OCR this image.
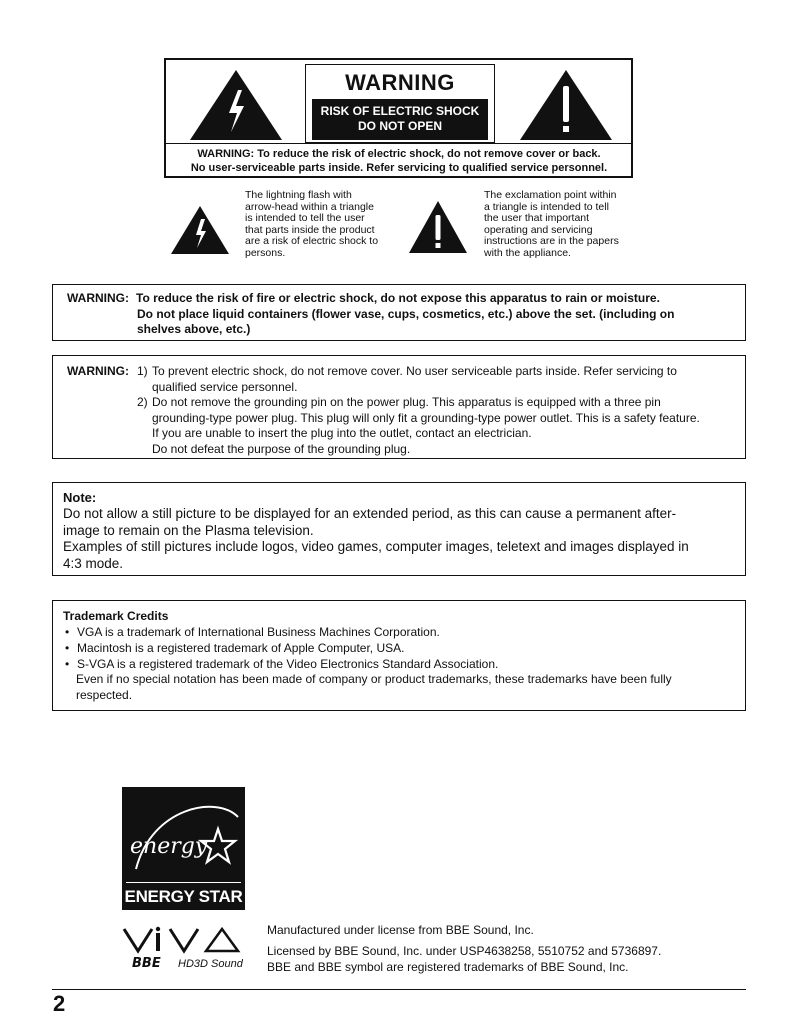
WARNING
RISK OF ELECTRIC SHOCK
DO NOT OPEN
WARNING: To reduce the risk of electric shock, do not remove cover or back.
No user-serviceable parts inside. Refer servicing to qualified service personnel.
The lightning flash with
arrow-head within a triangle
is intended to tell the user
that parts inside the product
are a risk of electric shock to
persons.
The exclamation point within
a triangle is intended to tell
the user that important
operating and servicing
instructions are in the papers
with the appliance.
WARNING: To reduce the risk of fire or electric shock, do not expose this apparatus to rain or moisture.
Do not place liquid containers (flower vase, cups, cosmetics, etc.) above the set. (including on
shelves above, etc.)
WARNING: 1) To prevent electric shock, do not remove cover. No user serviceable parts inside. Refer servicing to
qualified service personnel.
2) Do not remove the grounding pin on the power plug. This apparatus is equipped with a three pin
grounding-type power plug. This plug will only fit a grounding-type power outlet. This is a safety feature.
If you are unable to insert the plug into the outlet, contact an electrician.
Do not defeat the purpose of the grounding plug.
Note:
Do not allow a still picture to be displayed for an extended period, as this can cause a permanent after-
image to remain on the Plasma television.
Examples of still pictures include logos, video games, computer images, teletext and images displayed in
4:3 mode.
Trademark Credits
• VGA is a trademark of International Business Machines Corporation.
• Macintosh is a registered trademark of Apple Computer, USA.
• S-VGA is a registered trademark of the Video Electronics Standard Association.
Even if no special notation has been made of company or product trademarks, these trademarks have been fully
respected.
energy
ENERGY STAR
BBE HD3D Sound
Manufactured under license from BBE Sound, Inc.
Licensed by BBE Sound, Inc. under USP4638258, 5510752 and 5736897.
BBE and BBE symbol are registered trademarks of BBE Sound, Inc.
2
